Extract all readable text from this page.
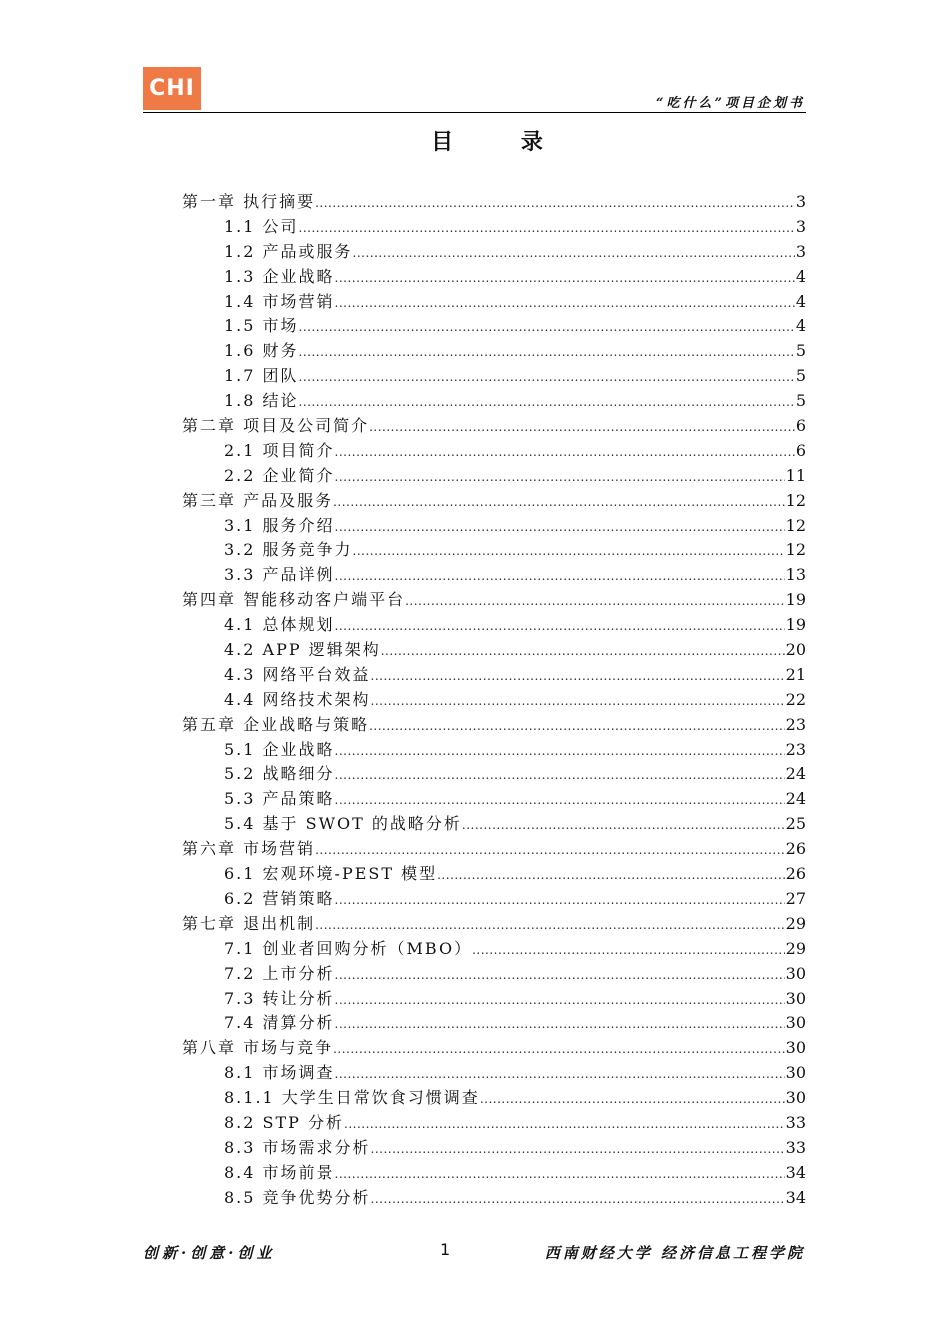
CHI
“吃什么”项目企划书
目 录
第一章 执行摘要 .....	3
1.1 公司 .....	3
1.2 产品或服务 .....	3
1.3 企业战略 .....	4
1.4 市场营销 .....	4
1.5 市场 .....	4
1.6 财务 .....	5
1.7 团队 .....	5
1.8 结论 .....	5
第二章 项目及公司简介 .....	6
2.1 项目简介 .....	6
2.2 企业简介 .....	11
第三章 产品及服务 .....	12
3.1 服务介绍 .....	12
3.2 服务竞争力 .....	12
3.3 产品详例 .....	13
第四章 智能移动客户端平台 .....	19
4.1 总体规划 .....	19
4.2 APP 逻辑架构 .....	20
4.3 网络平台效益 .....	21
4.4 网络技术架构 .....	22
第五章 企业战略与策略 .....	23
5.1 企业战略 .....	23
5.2 战略细分 .....	24
5.3 产品策略 .....	24
5.4 基于 SWOT 的战略分析 .....	25
第六章 市场营销 .....	26
6.1 宏观环境-PEST 模型 .....	26
6.2 营销策略 .....	27
第七章 退出机制 .....	29
7.1 创业者回购分析（MBO） .....	29
7.2 上市分析 .....	30
7.3 转让分析 .....	30
7.4 清算分析 .....	30
第八章 市场与竞争 .....	30
8.1 市场调查 .....	30
8.1.1 大学生日常饮食习惯调查 .....	30
8.2 STP 分析 .....	33
8.3 市场需求分析 .....	33
8.4 市场前景 .....	34
8.5 竞争优势分析 .....	34
创新·创意·创业	1	西南财经大学 经济信息工程学院
